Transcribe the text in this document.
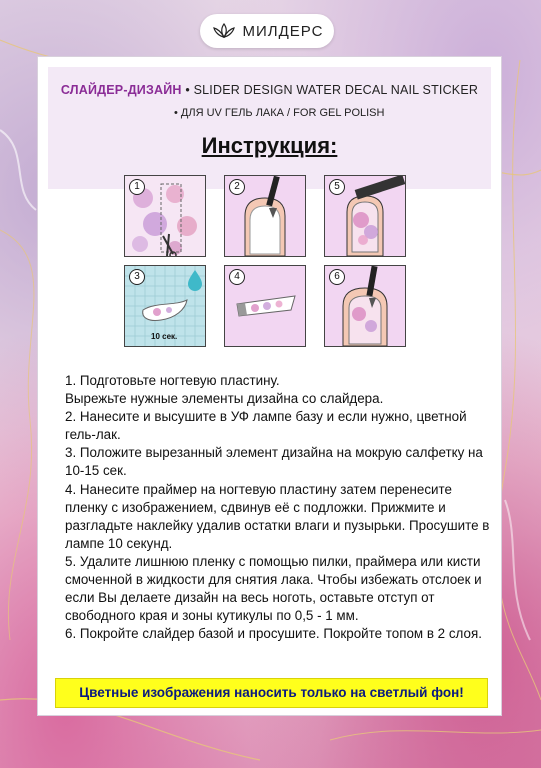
МИЛДЕРС
СЛАЙДЕР-ДИЗАЙН • SLIDER DESIGN WATER DECAL NAIL STICKER
• ДЛЯ UV ГЕЛЬ ЛАКА / FOR GEL POLISH
Инструкция:
1	2	5
10 сек.
3	4	6

1. Подготовьте ногтевую пластину.

Вырежьте нужные элементы дизайна со слайдера.

2. Нанесите и высушите в УФ лампе базу и если нужно, цветной гель-лак.

3. Положите вырезанный элемент дизайна на мокрую салфетку на 10-15 сек.

4. Нанесите праймер на ногтевую пластину затем перенесите пленку с изображением, сдвинув её с подложки. Прижмите и разгладьте наклейку удалив остатки влаги и пузырьки. Просушите в лампе 10 секунд.

5. Удалите лишнюю пленку с помощью пилки, праймера или кисти смоченной в жидкости для снятия лака. Чтобы избежать отслоек и если Вы делаете дизайн на весь ноготь, оставьте отступ от свободного края и зоны кутикулы по 0,5 - 1 мм.

6. Покройте слайдер базой и просушите. Покройте топом в 2 слоя.

Цветные изображения наносить только на светлый фон!
